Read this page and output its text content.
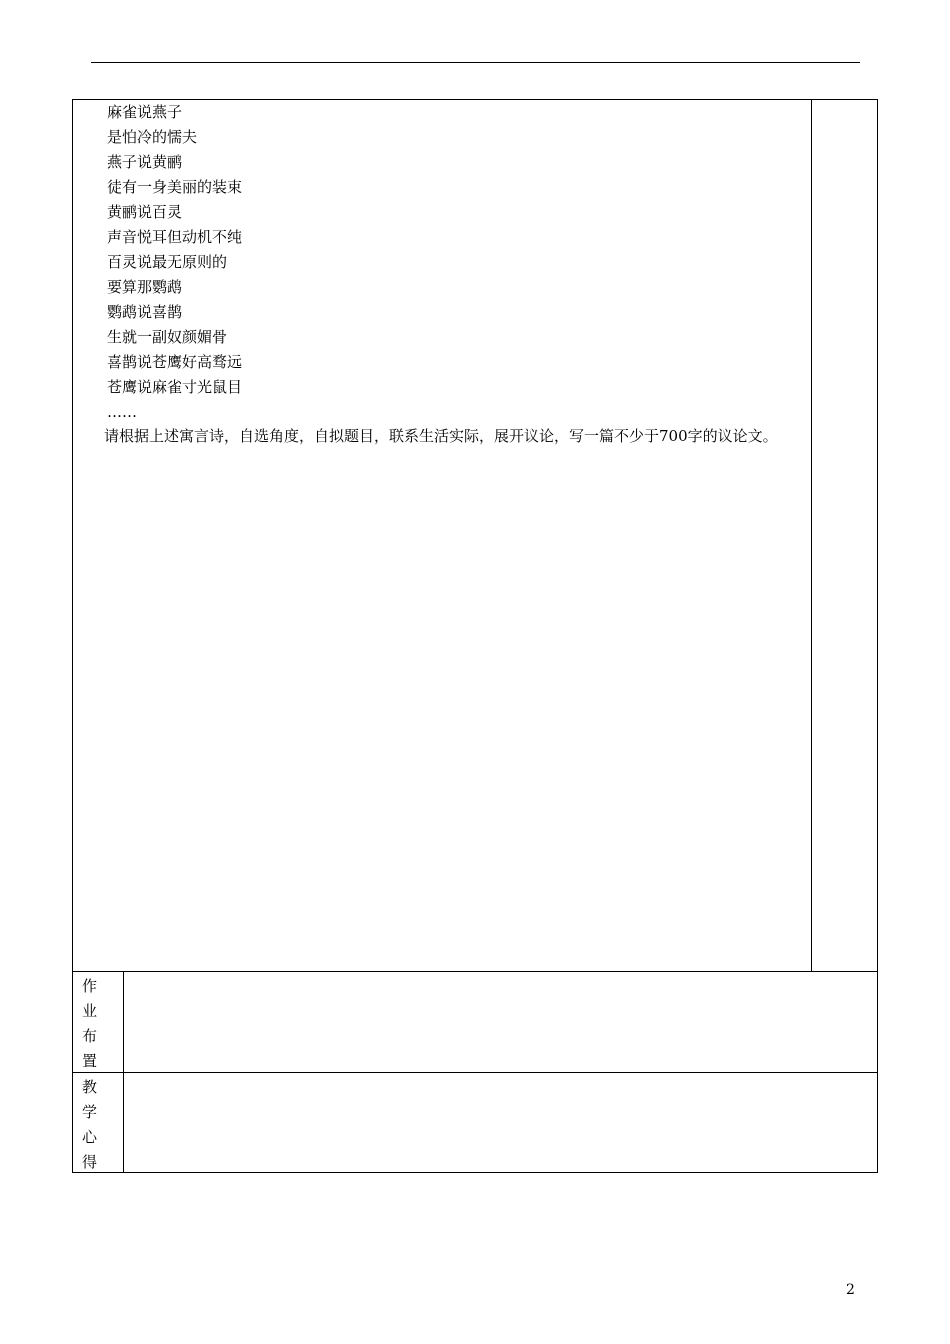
麻雀说燕子
是怕冷的懦夫
燕子说黄鹂
徒有一身美丽的装束
黄鹂说百灵
声音悦耳但动机不纯
百灵说最无原则的
要算那鹦鹉
鹦鹉说喜鹊
生就一副奴颜媚骨
喜鹊说苍鹰好高骛远
苍鹰说麻雀寸光鼠目
……

请根据上述寓言诗，自选角度，自拟题目，联系生活实际，展开议论，写一篇不少于700字的议论文。

作
业
布
置
教
学
心
得
2
